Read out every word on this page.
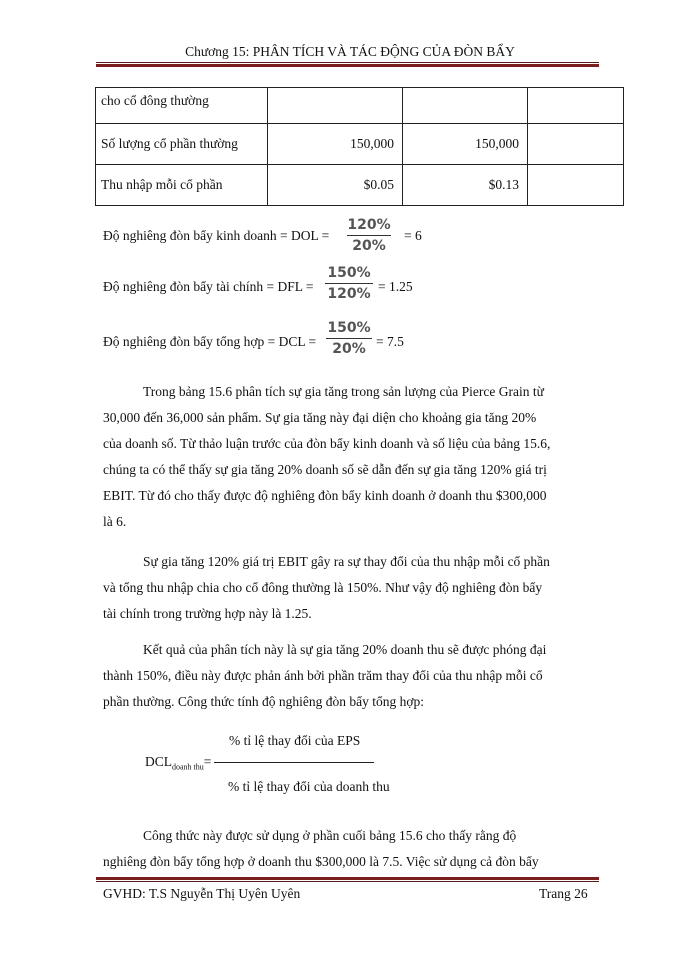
Chương 15: PHÂN TÍCH VÀ TÁC ĐỘNG CỦA ĐÒN BẨY
cho cổ đông thường			
Số lượng cổ phần thường	150,000	150,000	
Thu nhập mỗi cổ phần	$0.05	$0.13	
Độ nghiêng đòn bẩy kinh doanh = DOL =
120%
20%
= 6
Độ nghiêng đòn bẩy tài chính = DFL =
150%
120% = 1.25
Độ nghiêng đòn bẩy tổng hợp = DCL =
150%
20% = 7.5
Trong bảng 15.6 phân tích sự gia tăng trong sản lượng của Pierce Grain từ
30,000 đến 36,000 sản phẩm. Sự gia tăng này đại diện cho khoảng gia tăng 20%
của doanh số. Từ thảo luận trước của đòn bẩy kinh doanh và số liệu của bảng 15.6,
chúng ta có thể thấy sự gia tăng 20% doanh số sẽ dẫn đến sự gia tăng 120% giá trị
EBIT. Từ đó cho thấy được độ nghiêng đòn bẩy kinh doanh ở doanh thu $300,000
là 6.
Sự gia tăng 120% giá trị EBIT gây ra sự thay đổi của thu nhập mỗi cổ phần
và tổng thu nhập chia cho cổ đông thường là 150%. Như vậy độ nghiêng đòn bẩy
tài chính trong trường hợp này là 1.25.
Kết quả của phân tích này là sự gia tăng 20% doanh thu sẽ được phóng đại
thành 150%, điều này được phản ánh bởi phần trăm thay đổi của thu nhập mỗi cổ
phần thường. Công thức tính độ nghiêng đòn bẩy tổng hợp:
% tỉ lệ thay đổi của EPS
$DCL_{doanh thu}=$
% tỉ lệ thay đổi của doanh thu
Công thức này được sử dụng ở phần cuối bảng 15.6 cho thấy rằng độ
nghiêng đòn bẩy tổng hợp ở doanh thu $300,000 là 7.5. Việc sử dụng cả đòn bẩy
GVHD: T.S Nguyễn Thị Uyên Uyên	Trang 26
